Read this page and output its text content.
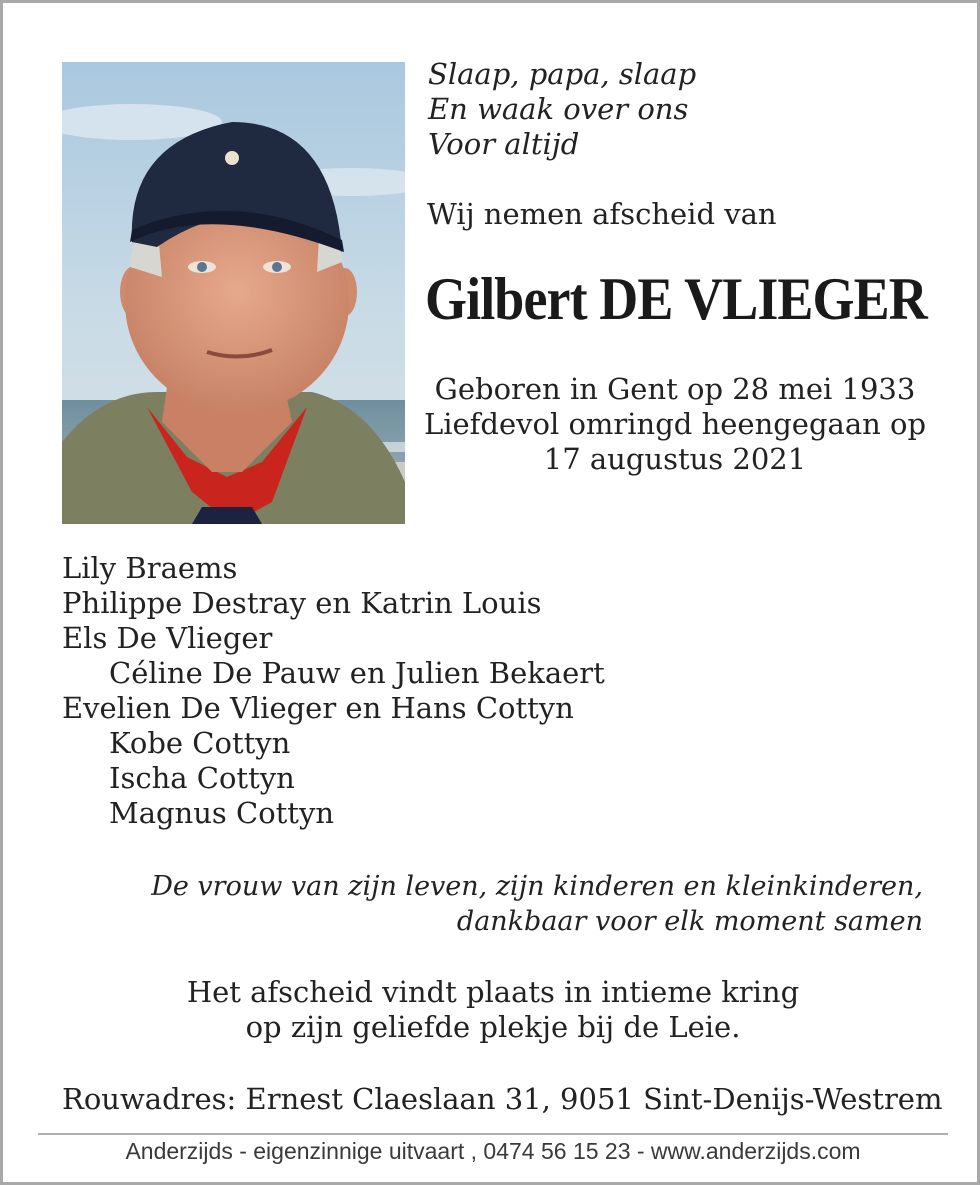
Slaap, papa, slaap
En waak over ons
Voor altijd
Wij nemen afscheid van
Gilbert DE VLIEGER
Geboren in Gent op 28 mei 1933
Liefdevol omringd heengegaan op
17 augustus 2021
Lily Braems
Philippe Destray en Katrin Louis
Els De Vlieger
Céline De Pauw en Julien Bekaert
Evelien De Vlieger en Hans Cottyn
Kobe Cottyn
Ischa Cottyn
Magnus Cottyn
De vrouw van zijn leven, zijn kinderen en kleinkinderen,
dankbaar voor elk moment samen
Het afscheid vindt plaats in intieme kring
op zijn geliefde plekje bij de Leie.
Rouwadres: Ernest Claeslaan 31, 9051 Sint-Denijs-Westrem
Anderzijds - eigenzinnige uitvaart , 0474 56 15 23 - www.anderzijds.com
